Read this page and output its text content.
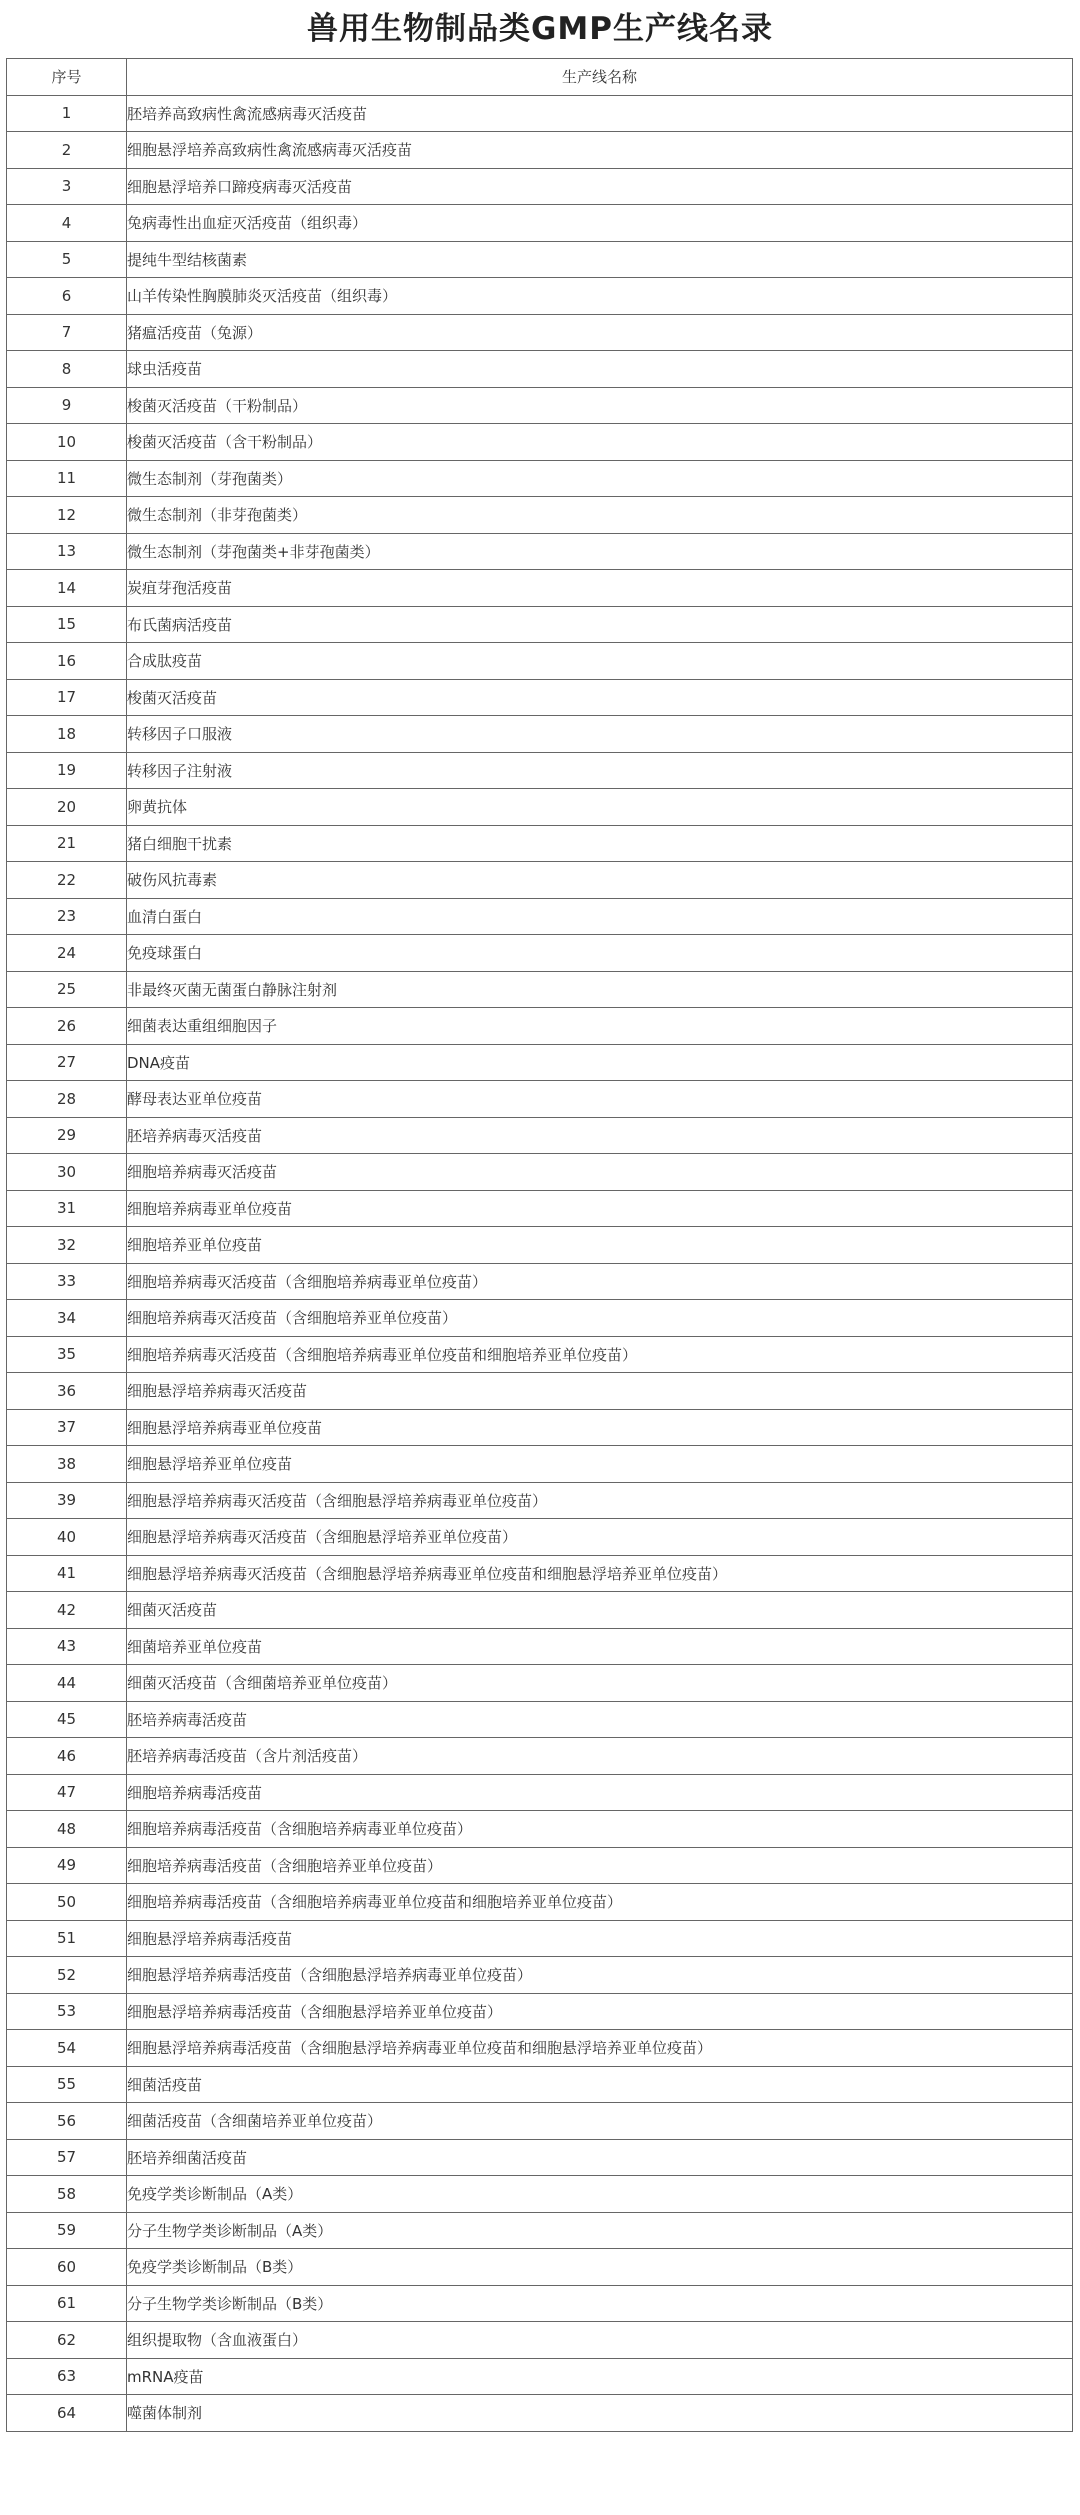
兽用生物制品类GMP生产线名录
序号	生产线名称
1	胚培养高致病性禽流感病毒灭活疫苗
2	细胞悬浮培养高致病性禽流感病毒灭活疫苗
3	细胞悬浮培养口蹄疫病毒灭活疫苗
4	兔病毒性出血症灭活疫苗（组织毒）
5	提纯牛型结核菌素
6	山羊传染性胸膜肺炎灭活疫苗（组织毒）
7	猪瘟活疫苗（兔源）
8	球虫活疫苗
9	梭菌灭活疫苗（干粉制品）
10	梭菌灭活疫苗（含干粉制品）
11	微生态制剂（芽孢菌类）
12	微生态制剂（非芽孢菌类）
13	微生态制剂（芽孢菌类+非芽孢菌类）
14	炭疽芽孢活疫苗
15	布氏菌病活疫苗
16	合成肽疫苗
17	梭菌灭活疫苗
18	转移因子口服液
19	转移因子注射液
20	卵黄抗体
21	猪白细胞干扰素
22	破伤风抗毒素
23	血清白蛋白
24	免疫球蛋白
25	非最终灭菌无菌蛋白静脉注射剂
26	细菌表达重组细胞因子
27	DNA疫苗
28	酵母表达亚单位疫苗
29	胚培养病毒灭活疫苗
30	细胞培养病毒灭活疫苗
31	细胞培养病毒亚单位疫苗
32	细胞培养亚单位疫苗
33	细胞培养病毒灭活疫苗（含细胞培养病毒亚单位疫苗）
34	细胞培养病毒灭活疫苗（含细胞培养亚单位疫苗）
35	细胞培养病毒灭活疫苗（含细胞培养病毒亚单位疫苗和细胞培养亚单位疫苗）
36	细胞悬浮培养病毒灭活疫苗
37	细胞悬浮培养病毒亚单位疫苗
38	细胞悬浮培养亚单位疫苗
39	细胞悬浮培养病毒灭活疫苗（含细胞悬浮培养病毒亚单位疫苗）
40	细胞悬浮培养病毒灭活疫苗（含细胞悬浮培养亚单位疫苗）
41	细胞悬浮培养病毒灭活疫苗（含细胞悬浮培养病毒亚单位疫苗和细胞悬浮培养亚单位疫苗）
42	细菌灭活疫苗
43	细菌培养亚单位疫苗
44	细菌灭活疫苗（含细菌培养亚单位疫苗）
45	胚培养病毒活疫苗
46	胚培养病毒活疫苗（含片剂活疫苗）
47	细胞培养病毒活疫苗
48	细胞培养病毒活疫苗（含细胞培养病毒亚单位疫苗）
49	细胞培养病毒活疫苗（含细胞培养亚单位疫苗）
50	细胞培养病毒活疫苗（含细胞培养病毒亚单位疫苗和细胞培养亚单位疫苗）
51	细胞悬浮培养病毒活疫苗
52	细胞悬浮培养病毒活疫苗（含细胞悬浮培养病毒亚单位疫苗）
53	细胞悬浮培养病毒活疫苗（含细胞悬浮培养亚单位疫苗）
54	细胞悬浮培养病毒活疫苗（含细胞悬浮培养病毒亚单位疫苗和细胞悬浮培养亚单位疫苗）
55	细菌活疫苗
56	细菌活疫苗（含细菌培养亚单位疫苗）
57	胚培养细菌活疫苗
58	免疫学类诊断制品（A类）
59	分子生物学类诊断制品（A类）
60	免疫学类诊断制品（B类）
61	分子生物学类诊断制品（B类）
62	组织提取物（含血液蛋白）
63	mRNA疫苗
64	噬菌体制剂
